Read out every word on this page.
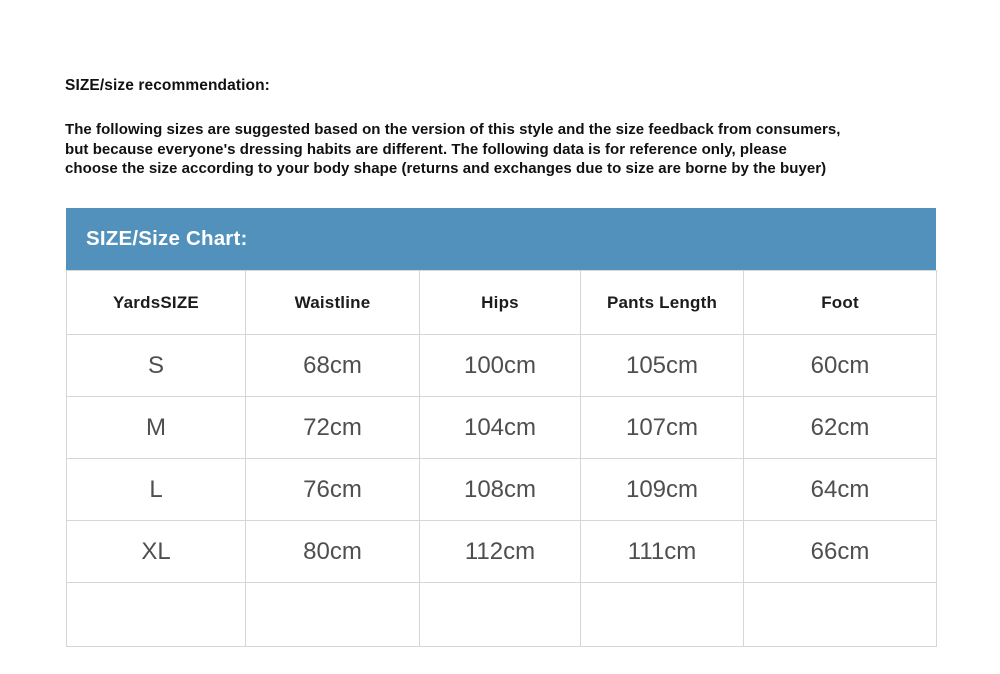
SIZE/size recommendation:
The following sizes are suggested based on the version of this style and the size feedback from consumers,
but because everyone's dressing habits are different. The following data is for reference only, please
choose the size according to your body shape (returns and exchanges due to size are borne by the buyer)
SIZE/Size Chart:
YardsSIZE	Waistline	Hips	Pants Length	Foot
S	68cm	100cm	105cm	60cm
M	72cm	104cm	107cm	62cm
L	76cm	108cm	109cm	64cm
XL	80cm	112cm	111cm	66cm
